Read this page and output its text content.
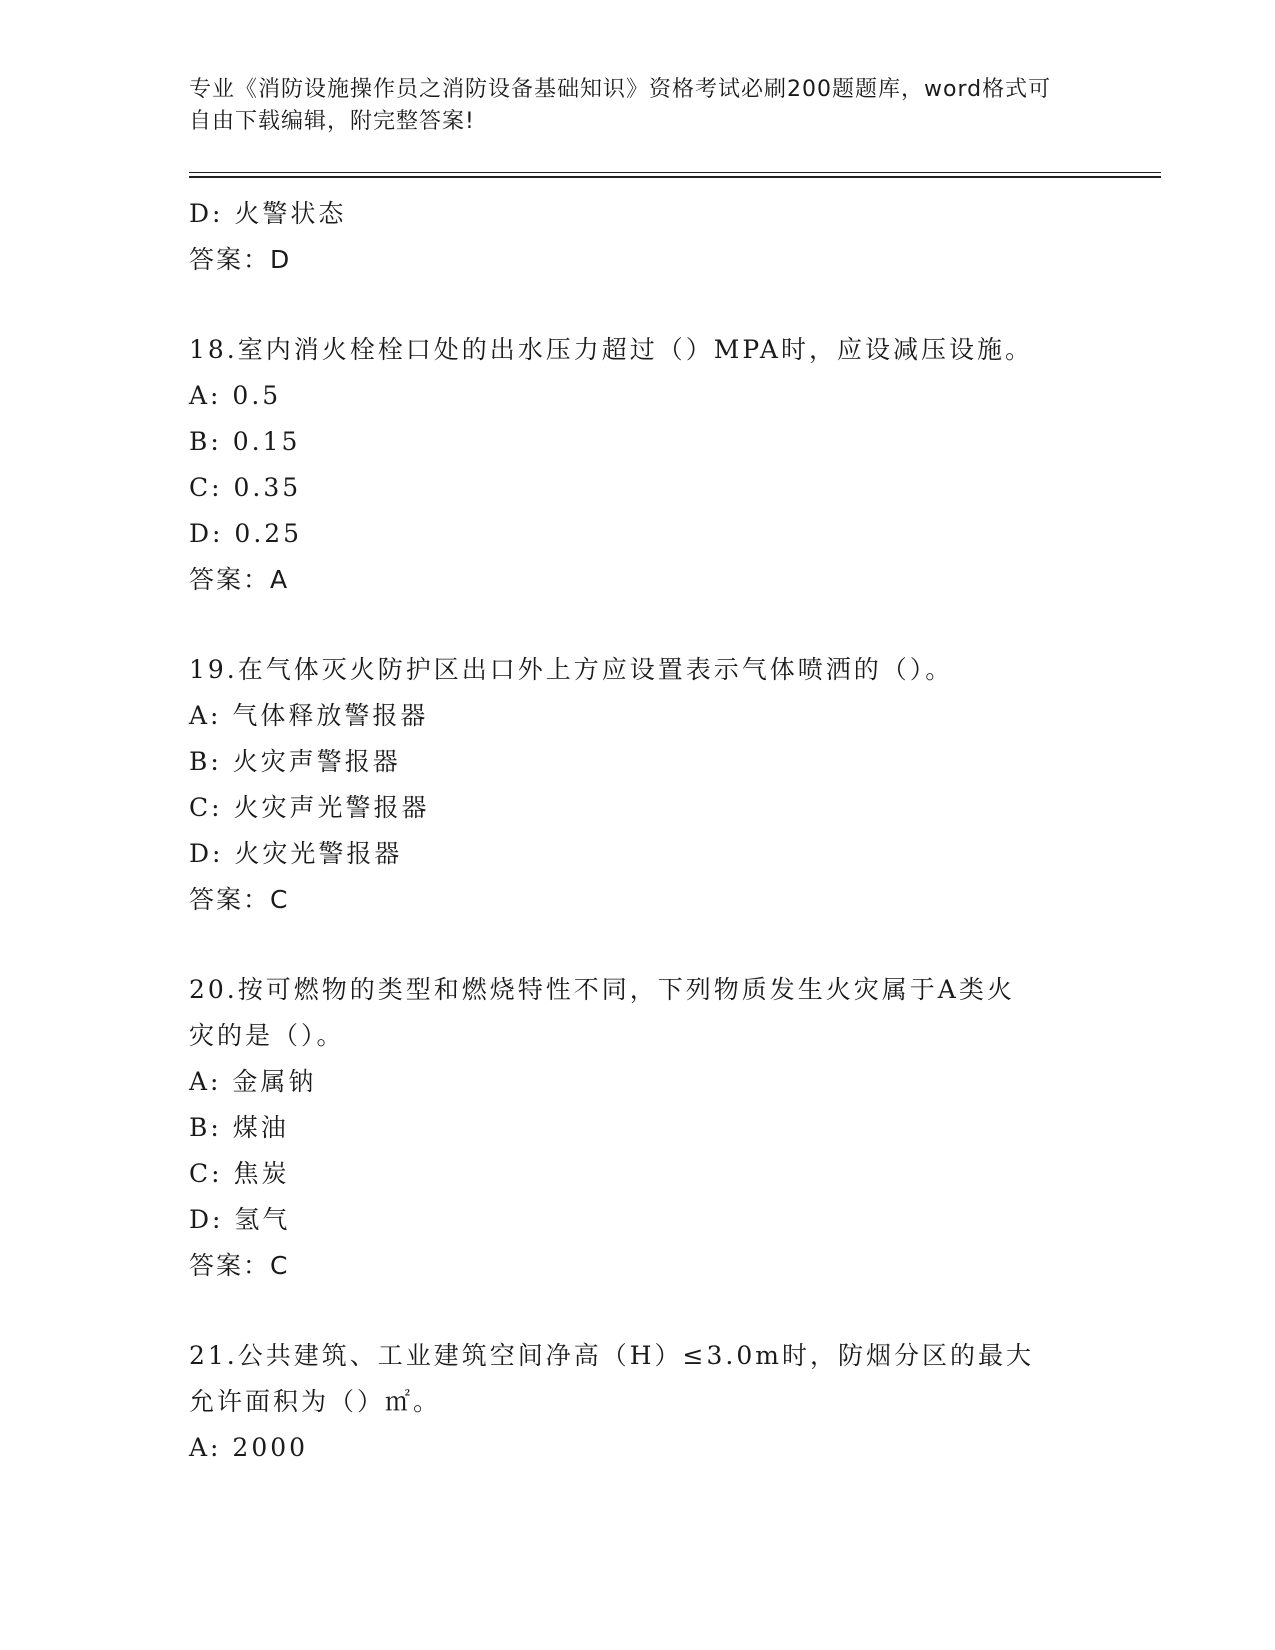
专业《消防设施操作员之消防设备基础知识》资格考试必刷200题题库，word格式可自由下载编辑，附完整答案!
D: 火警状态
答案：D
18.室内消火栓栓口处的出水压力超过（）MPA时，应设减压设施。
A: 0.5
B: 0.15
C: 0.35
D: 0.25
答案：A
19.在气体灭火防护区出口外上方应设置表示气体喷洒的（）。
A: 气体释放警报器
B: 火灾声警报器
C: 火灾声光警报器
D: 火灾光警报器
答案：C
20.按可燃物的类型和燃烧特性不同，下列物质发生火灾属于A类火灾的是（）。
A: 金属钠
B: 煤油
C: 焦炭
D: 氢气
答案：C
21.公共建筑、工业建筑空间净高（H）≤3.0m时，防烟分区的最大允许面积为（）㎡。
A: 2000
